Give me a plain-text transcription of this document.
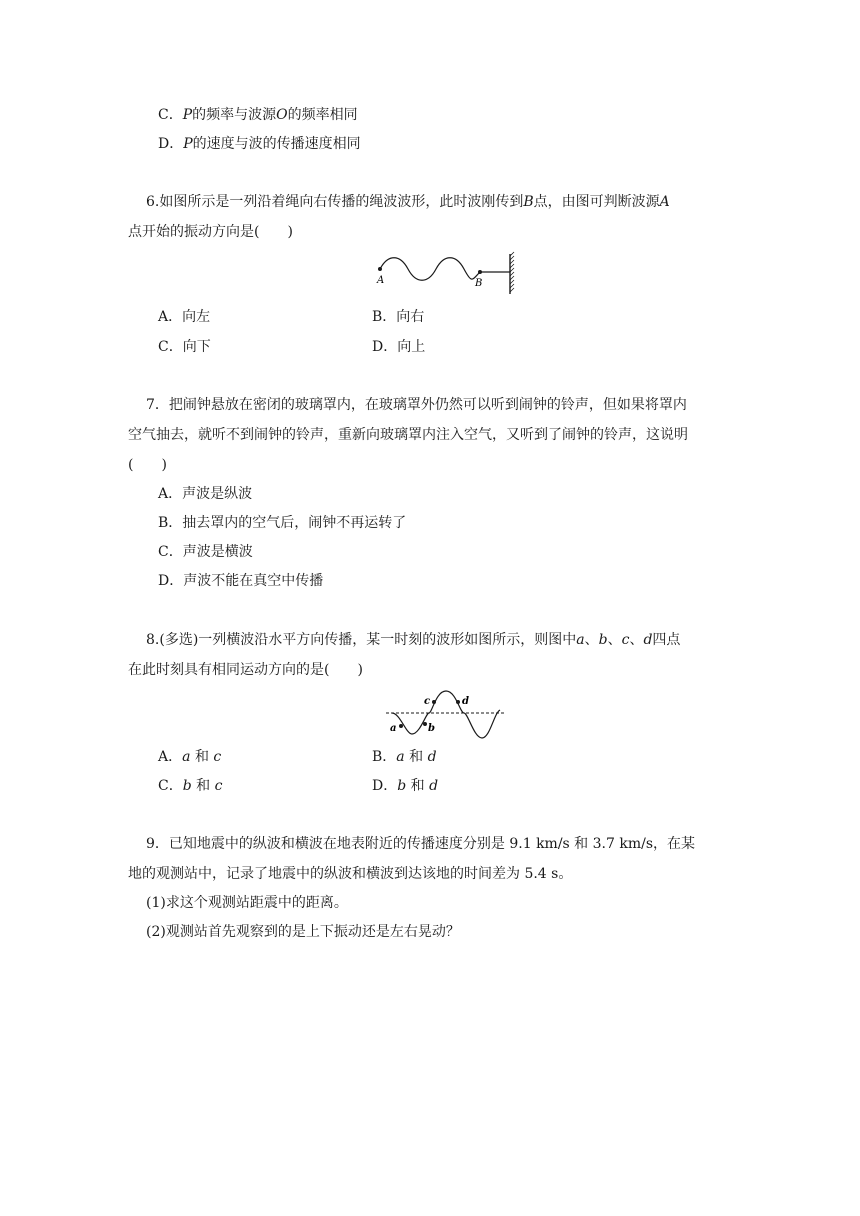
C．P的频率与波源O的频率相同
D．P的速度与波的传播速度相同
6.如图所示是一列沿着绳向右传播的绳波波形，此时波刚传到B点，由图可判断波源A
点开始的振动方向是(　　)
A	B
A．向左	B．向右
C．向下	D．向上
7．把闹钟悬放在密闭的玻璃罩内，在玻璃罩外仍然可以听到闹钟的铃声，但如果将罩内
空气抽去，就听不到闹钟的铃声，重新向玻璃罩内注入空气，又听到了闹钟的铃声，这说明
(　　)
A．声波是纵波
B．抽去罩内的空气后，闹钟不再运转了
C．声波是横波
D．声波不能在真空中传播
8.(多选)一列横波沿水平方向传播，某一时刻的波形如图所示，则图中a、b、c、d四点
在此时刻具有相同运动方向的是(　　)
a	b
c	d
A．a 和 c	B．a 和 d
C．b 和 c	D．b 和 d
9．已知地震中的纵波和横波在地表附近的传播速度分别是 9.1 km/s 和 3.7 km/s，在某
地的观测站中，记录了地震中的纵波和横波到达该地的时间差为 5.4 s。
(1)求这个观测站距震中的距离。
(2)观测站首先观察到的是上下振动还是左右晃动？
